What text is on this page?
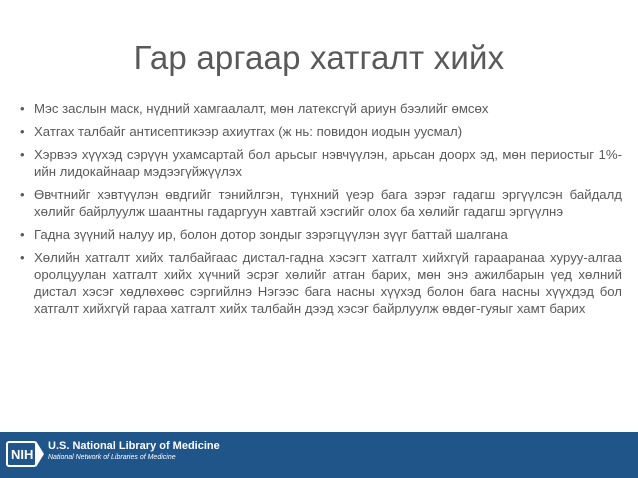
Гар аргаар хатгалт хийх
• Мэс заслын маск, нүдний хамгаалалт, мөн латексгүй ариун бээлийг өмсөх
• Хатгах талбайг антисептикээр ахиутгах (ж нь: повидон иодын уусмал)
• Хэрвээ хүүхэд сэрүүн ухамсартай бол арьсыг нэвчүүлэн, арьсан доорх эд, мөн периостыг 1%-ийн лидокайнаар мэдээгүйжүүлэх
• Өвчтнийг хэвтүүлэн өвдгийг тэнийлгэн, түнхний үеэр бага зэрэг гадагш эргүүлсэн байдалд хөлийг байрлуулж шаантны гадаргуун хавтгай хэсгийг олох ба хөлийг гадагш эргүүлнэ
• Гадна зүүний налуу ир, болон дотор зондыг зэрэгцүүлэн зүүг баттай шалгана
• Хөлийн хатгалт хийх талбайгаас дистал-гадна хэсэгт хатгалт хийхгүй гарааранаа хуруу-алгаа оролцуулан хатгалт хийх хүчний эсрэг хөлийг атган барих, мөн энэ ажилбарын үед хөлний дистал хэсэг хөдлөхөөс сэргийлнэ Нэгээс бага насны хүүхэд болон бага насны хүүхдэд бол хатгалт хийхгүй гараа хатгалт хийх талбайн дээд хэсэг байрлуулж өвдөг-гуяыг хамт барих
NIH
U.S. National Library of Medicine
National Network of Libraries of Medicine
